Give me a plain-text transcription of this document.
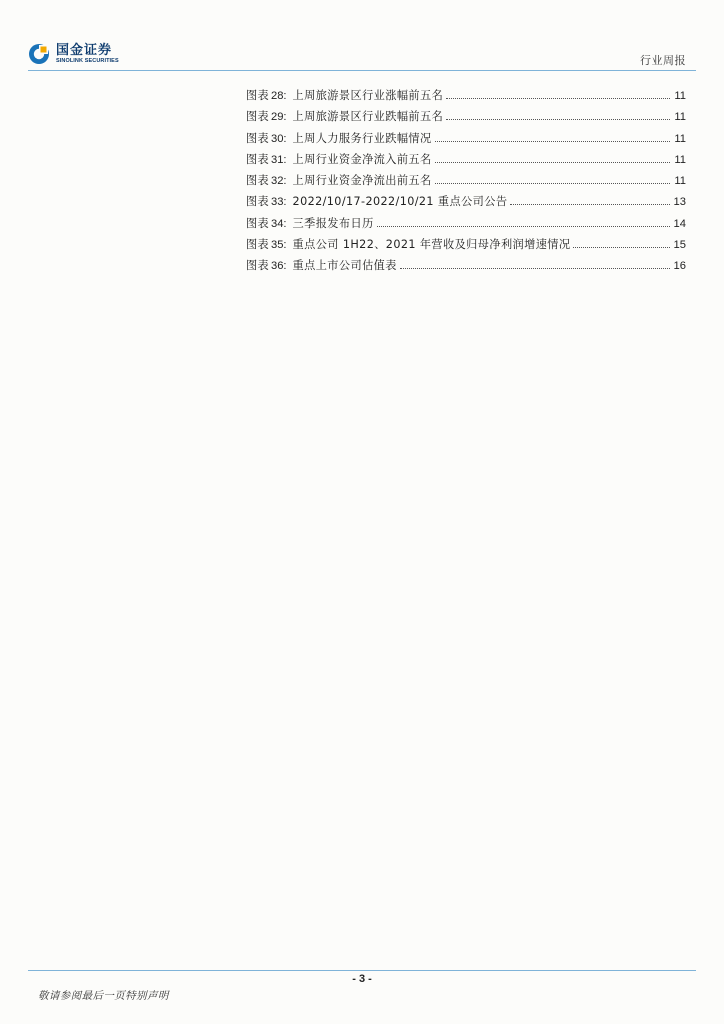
国金证券
SINOLINK SECURITIES	行业周报
图表 28: 上周旅游景区行业涨幅前五名	11
图表 29: 上周旅游景区行业跌幅前五名	11
图表 30: 上周人力服务行业跌幅情况	11
图表 31: 上周行业资金净流入前五名	11
图表 32: 上周行业资金净流出前五名	11
图表 33: 2022/10/17-2022/10/21 重点公司公告	13
图表 34: 三季报发布日历	14
图表 35: 重点公司 1H22、2021 年营收及归母净利润增速情况	15
图表 36: 重点上市公司估值表	16
- 3 -
敬请参阅最后一页特别声明
